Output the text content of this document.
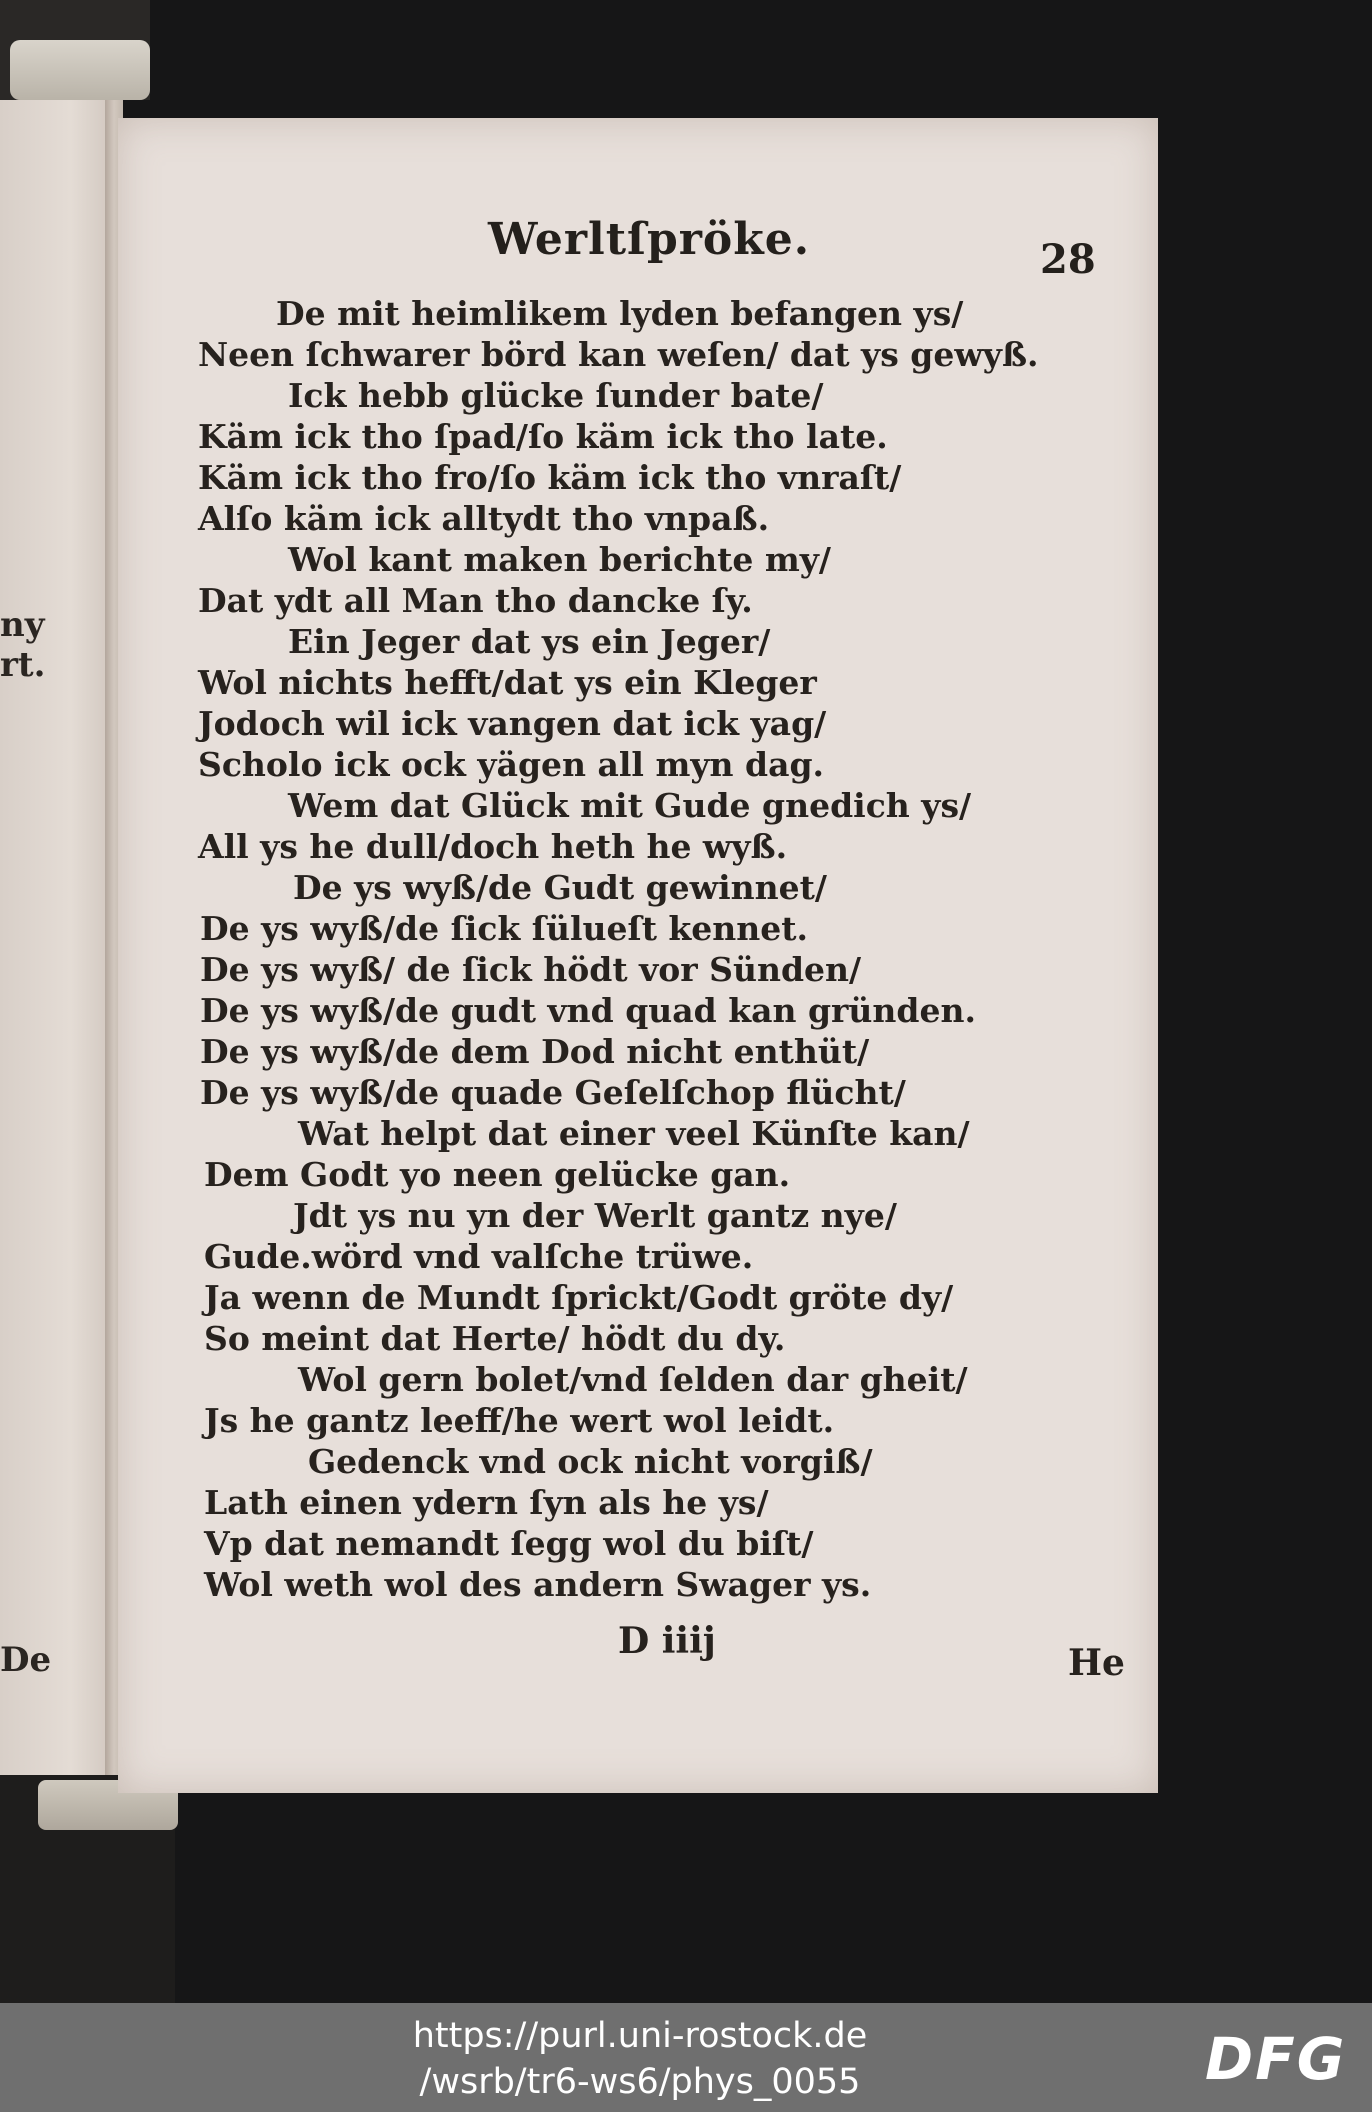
ny
rt.
De
Werltſpröke.	28
De mit heimlikem lyden befangen ys/
Neen ſchwarer börd kan weſen/ dat ys gewyß.
Ick hebb glücke ſunder bate/
Käm ick tho ſpad/ſo käm ick tho late.
Käm ick tho fro/ſo käm ick tho vnraſt/
Alſo käm ick alltydt tho vnpaß.
Wol kant maken berichte my/
Dat ydt all Man tho dancke ſy.
Ein Jeger dat ys ein Jeger/
Wol nichts hefft/dat ys ein Kleger
Jodoch wil ick vangen dat ick yag/
Scholo ick ock yägen all myn dag.
Wem dat Glück mit Gude gnedich ys/
All ys he dull/doch heth he wyß.
De ys wyß/de Gudt gewinnet/
De ys wyß/de ſick ſülueſt kennet.
De ys wyß/ de ſick hödt vor Sünden/
De ys wyß/de gudt vnd quad kan gründen.
De ys wyß/de dem Dod nicht enthüt/
De ys wyß/de quade Geſelſchop flücht/
Wat helpt dat einer veel Künſte kan/
Dem Godt yo neen gelücke gan.
Jdt ys nu yn der Werlt gantz nye/
Gude.wörd vnd valſche trüwe.
Ja wenn de Mundt ſprickt/Godt gröte dy/
So meint dat Herte/ hödt du dy.
Wol gern bolet/vnd ſelden dar gheit/
Js he gantz leeff/he wert wol leidt.
Gedenck vnd ock nicht vorgiß/
Lath einen ydern ſyn als he ys/
Vp dat nemandt ſegg wol du biſt/
Wol weth wol des andern Swager ys.
D iiij
He
https://purl.uni-rostock.de
/wsrb/tr6-ws6/phys_0055	DFG
